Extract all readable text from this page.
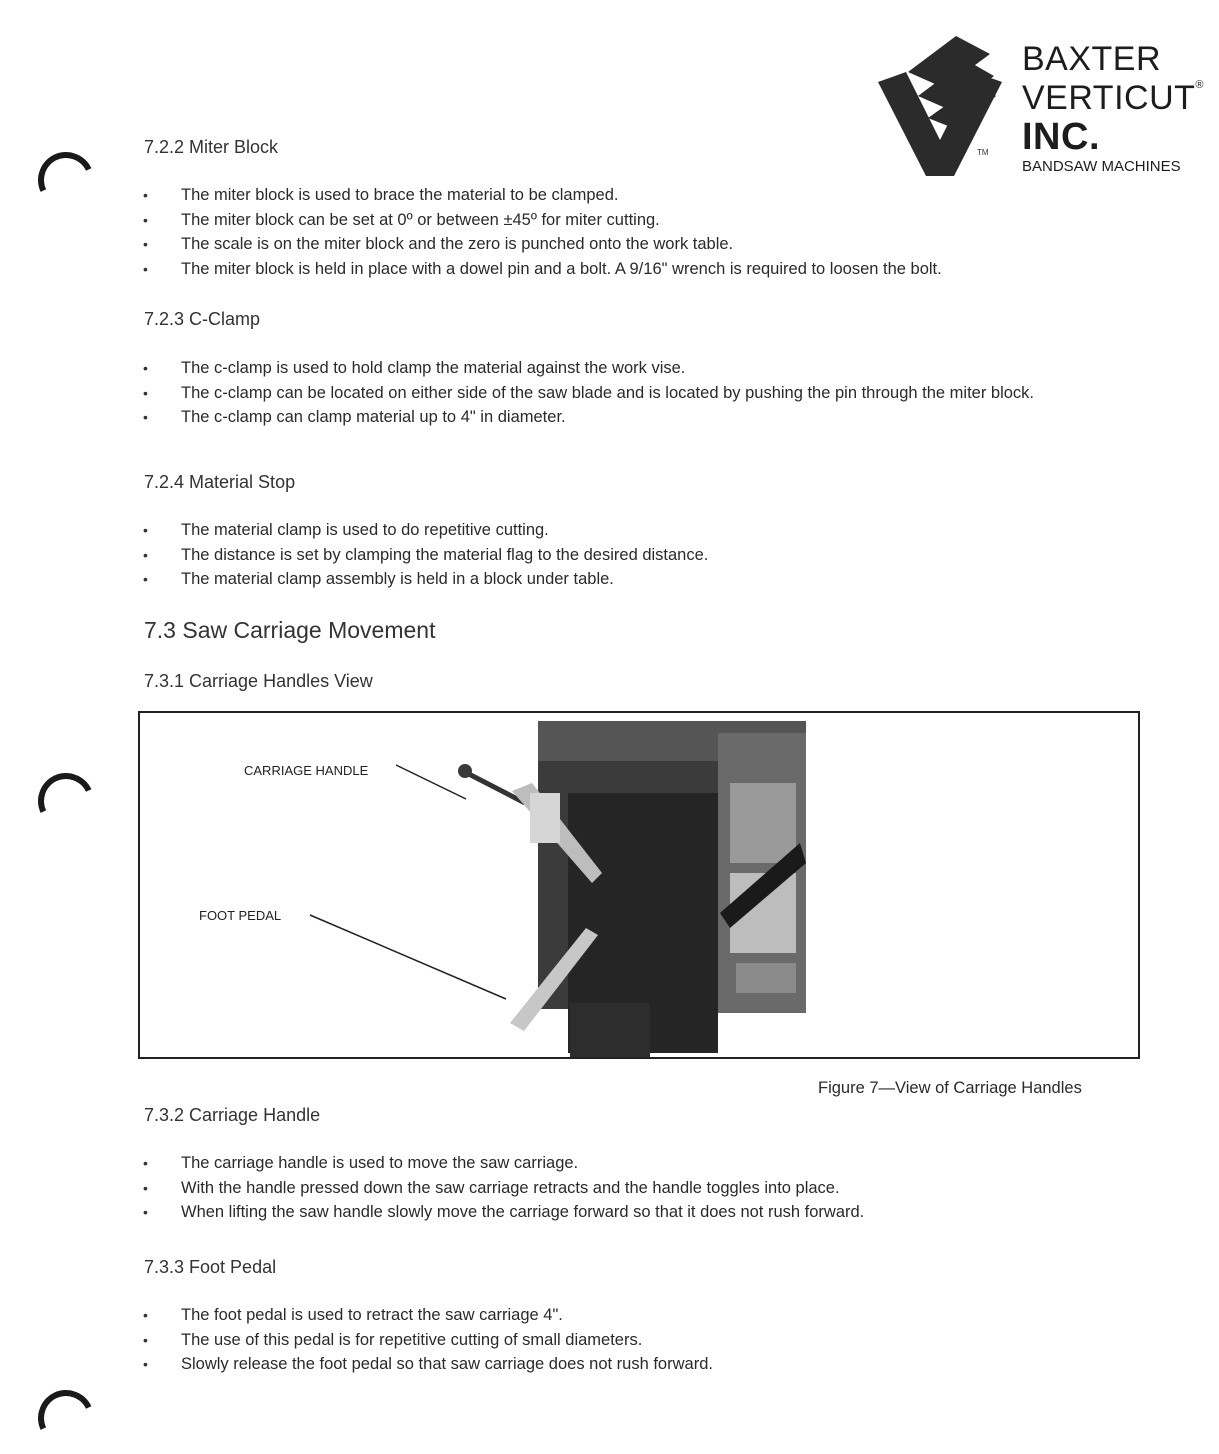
TM
BAXTER
VERTICUT®
INC.
BANDSAW MACHINES
7.2.2 Miter Block
• The miter block is used to brace the material to be clamped.
• The miter block can be set at 0º or between ±45º for miter cutting.
• The scale is on the miter block and the zero is punched onto the work table.
• The miter block is held in place with a dowel pin and a bolt. A 9/16" wrench is required to loosen the bolt.
7.2.3 C-Clamp
• The c-clamp is used to hold clamp the material against the work vise.
• The c-clamp can be located on either side of the saw blade and is located by pushing the pin through the miter block.
• The c-clamp can clamp material up to 4" in diameter.
7.2.4 Material Stop
• The material clamp is used to do repetitive cutting.
• The distance is set by clamping the material flag to the desired distance.
• The material clamp assembly is held in a block under table.
7.3 Saw Carriage Movement
7.3.1 Carriage Handles View
CARRIAGE HANDLE
FOOT PEDAL
Figure 7—View of Carriage Handles
7.3.2 Carriage Handle
• The carriage handle is used to move the saw carriage.
• With the handle pressed down the saw carriage retracts and the handle toggles into place.
• When lifting the saw handle slowly move the carriage forward so that it does not rush forward.
7.3.3 Foot Pedal
• The foot pedal is used to retract the saw carriage 4".
• The use of this pedal is for repetitive cutting of small diameters.
• Slowly release the foot pedal so that saw carriage does not rush forward.
